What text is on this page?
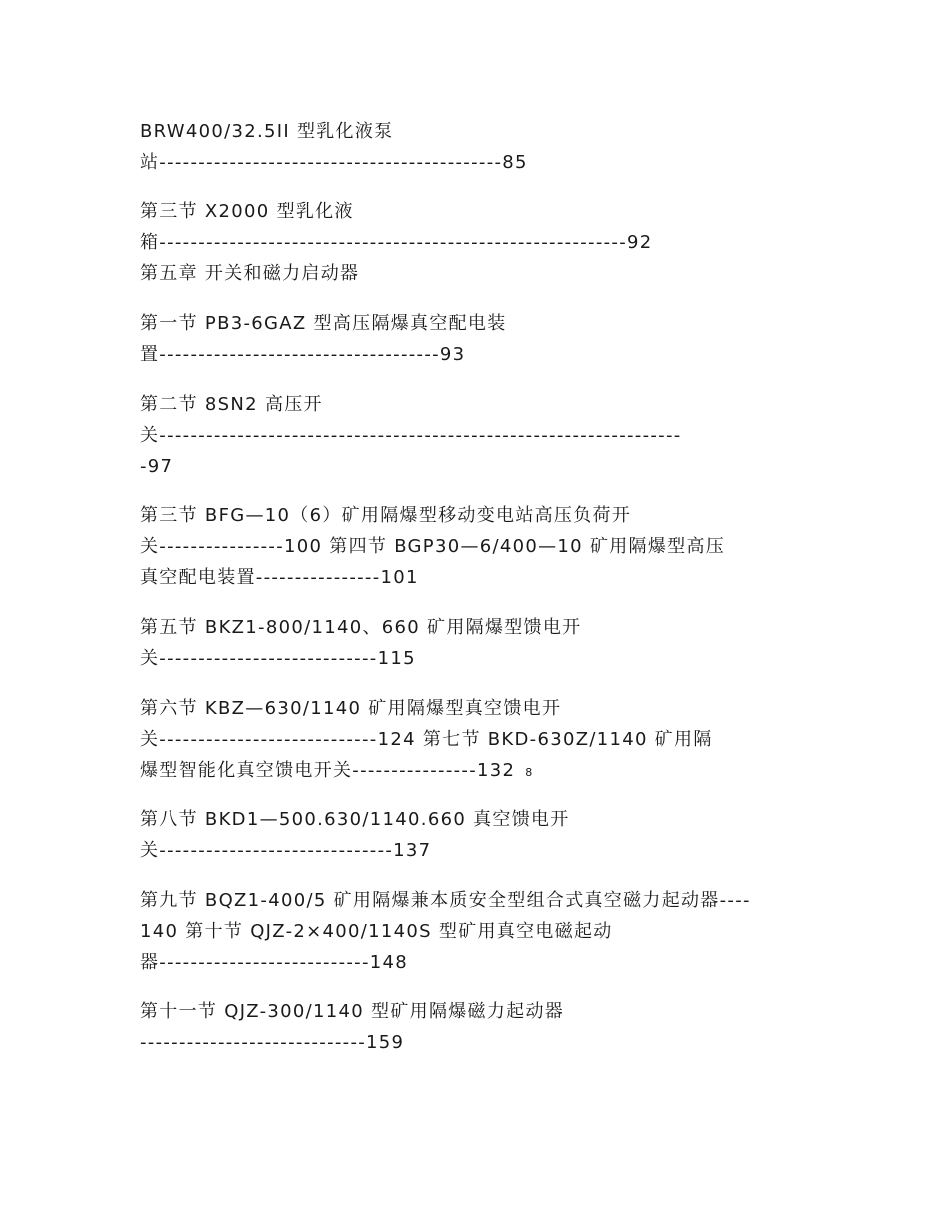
BRW400/32.5II 型乳化液泵
站--------------------------------------------85
第三节 X2000 型乳化液
箱------------------------------------------------------------92
第五章 开关和磁力启动器
第一节 PB3-6GAZ 型高压隔爆真空配电装
置------------------------------------93
第二节 8SN2 高压开
关-------------------------------------------------------------------
-97
第三节 BFG—10（6）矿用隔爆型移动变电站高压负荷开
关----------------100 第四节 BGP30—6/400—10 矿用隔爆型高压
真空配电装置----------------101
第五节 BKZ1-800/1140、660 矿用隔爆型馈电开
关----------------------------115
第六节 KBZ—630/1140 矿用隔爆型真空馈电开
关----------------------------124 第七节 BKD-630Z/1140 矿用隔
爆型智能化真空馈电开关----------------132 8
第八节 BKD1—500.630/1140.660 真空馈电开
关------------------------------137
第九节 BQZ1-400/5 矿用隔爆兼本质安全型组合式真空磁力起动器----
140 第十节 QJZ-2×400/1140S 型矿用真空电磁起动
器---------------------------148
第十一节 QJZ-300/1140 型矿用隔爆磁力起动器
-----------------------------159
